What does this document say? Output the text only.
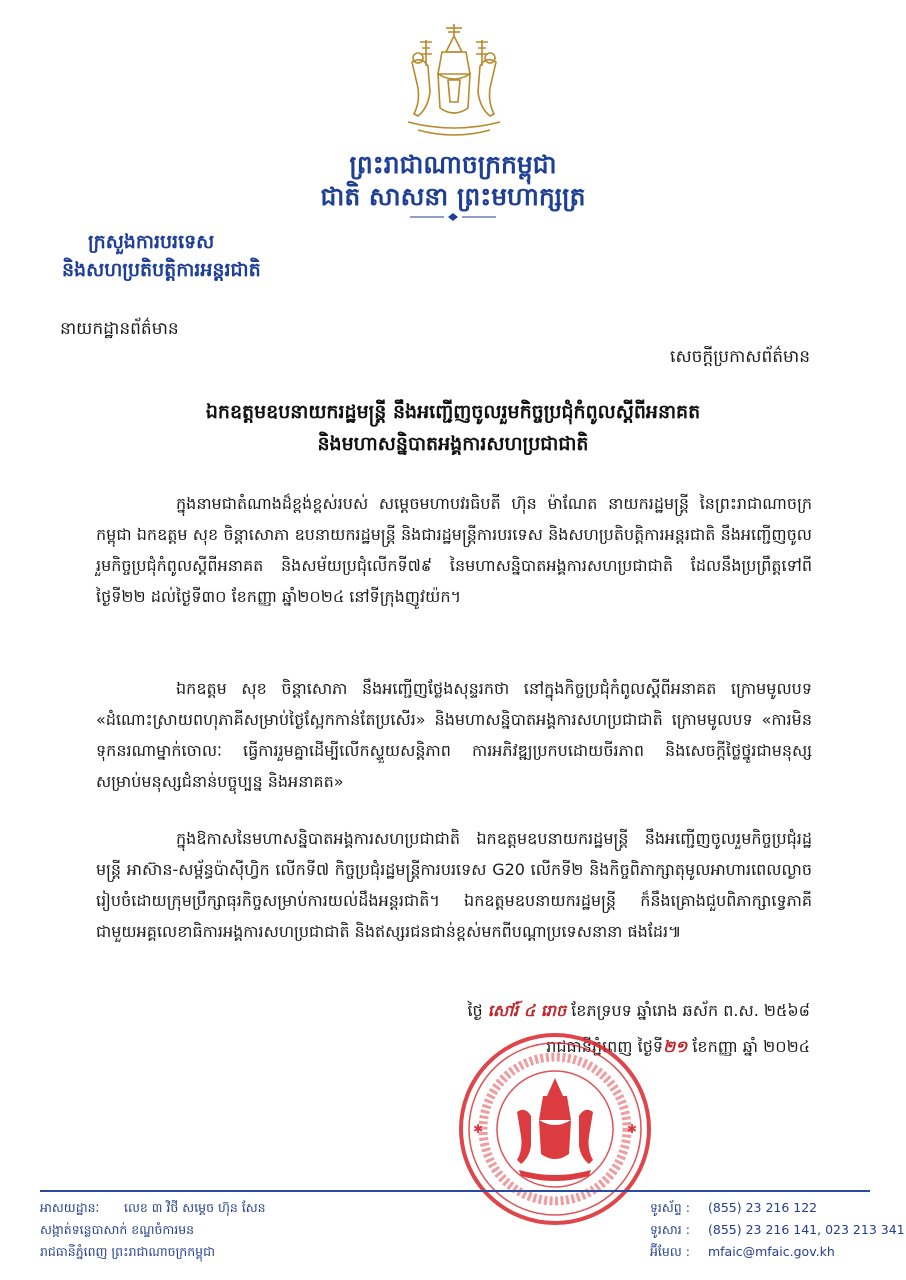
ព្រះរាជាណាចក្រកម្ពុជា
ជាតិ សាសនា ព្រះមហាក្សត្រ
ក្រសួងការបរទេស
និងសហប្រតិបត្តិការអន្តរជាតិ
នាយកដ្ឋានព័ត៌មាន
សេចក្តីប្រកាសព័ត៌មាន
ឯកឧត្តមឧបនាយករដ្ឋមន្ត្រី នឹងអញ្ជើញចូលរួមកិច្ចប្រជុំកំពូលស្តីពីអនាគត
និងមហាសន្និបាតអង្គការសហប្រជាជាតិ

ក្នុងនាមជាតំណាងដ៏ខ្ពង់ខ្ពស់របស់ សម្តេចមហាបវរធិបតី ហ៊ុន ម៉ាណែត នាយករដ្ឋមន្ត្រី នៃព្រះរាជាណាចក្រកម្ពុជា ឯកឧត្តម សុខ ចិន្តាសោភា ឧបនាយករដ្ឋមន្ត្រី និងជារដ្ឋមន្ត្រីការបរទេស និងសហប្រតិបត្តិការអន្តរជាតិ នឹងអញ្ជើញចូលរួមកិច្ចប្រជុំកំពូលស្តីពីអនាគត និងសម័យប្រជុំលើកទី៧៩ នៃមហាសន្និបាតអង្គការសហប្រជាជាតិ ដែលនឹងប្រព្រឹត្តទៅពីថ្ងៃទី២២ ដល់ថ្ងៃទី៣០ ខែកញ្ញា ឆ្នាំ២០២៤ នៅទីក្រុងញូវយ៉ក។

ឯកឧត្តម សុខ ចិន្តាសោភា នឹងអញ្ជើញថ្លែងសុន្ទរកថា នៅក្នុងកិច្ចប្រជុំកំពូលស្តីពីអនាគត ក្រោមមូលបទ «ដំណោះស្រាយពហុភាគីសម្រាប់ថ្ងៃស្អែកកាន់តែប្រសើរ» និងមហាសន្និបាតអង្គការសហប្រជាជាតិ ក្រោមមូលបទ «ការមិនទុកនរណាម្នាក់ចោលៈ ធ្វើការរួមគ្នាដើម្បីលើកស្ទួយសន្តិភាព ការអភិវឌ្ឍប្រកបដោយចីរភាព និងសេចក្តីថ្លៃថ្នូរជាមនុស្ស សម្រាប់មនុស្សជំនាន់បច្ចុប្បន្ន និងអនាគត»

ក្នុងឱកាសនៃមហាសន្និបាតអង្គការសហប្រជាជាតិ ឯកឧត្តមឧបនាយករដ្ឋមន្ត្រី នឹងអញ្ជើញចូលរួមកិច្ចប្រជុំរដ្ឋមន្ត្រី អាស៊ាន-សម្ព័ន្ធប៉ាស៊ីហ្វិក លើកទី៧ កិច្ចប្រជុំរដ្ឋមន្ត្រីការបរទេស G20 លើកទី២ និងកិច្ចពិភាក្សាតុមូលអាហារពេលល្ងាចរៀបចំដោយក្រុមប្រឹក្សាធុរកិច្ចសម្រាប់ការយល់ដឹងអន្តរជាតិ។ ឯកឧត្តមឧបនាយករដ្ឋមន្ត្រី ក៏នឹងគ្រោងជួបពិភាក្សាទ្វេភាគីជាមួយអគ្គលេខាធិការអង្គការសហប្រជាជាតិ និងឥស្សរជនជាន់ខ្ពស់មកពីបណ្តាប្រទេសនានា ផងដែរ៕

ថ្ងៃ សៅរ៍ ៤ រោច ខែភទ្របទ ឆ្នាំរោង ឆស័ក ព.ស. ២៥៦៨
រាជធានីភ្នំពេញ ថ្ងៃទី២១ ខែកញ្ញា ឆ្នាំ ២០២៤
✱	✱
អាសយដ្ឋានៈ លេខ ៣ វិថី សម្តេច ហ៊ុន សែន
សង្កាត់ទន្លេបាសាក់ ខណ្ឌចំការមន
រាជធានីភ្នំពេញ ព្រះរាជាណាចក្រកម្ពុជា
ទូរស័ព្ទ : (855) 23 216 122
ទូរសារ : (855) 23 216 141, 023 213 341
អ៊ីមែល : mfaic@mfaic.gov.kh
